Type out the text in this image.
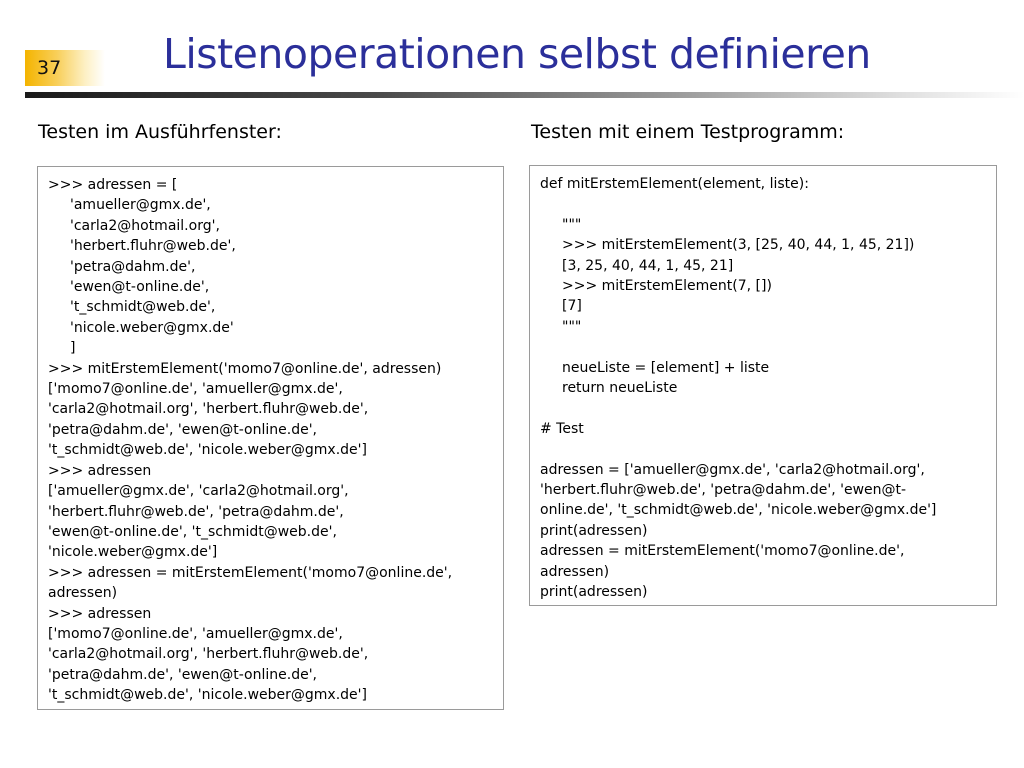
37	Listenoperationen selbst definieren
Testen im Ausführfenster:
>>> adressen = [
'amueller@gmx.de',
'carla2@hotmail.org',
'herbert.fluhr@web.de',
'petra@dahm.de',
'ewen@t-online.de',
't_schmidt@web.de',
'nicole.weber@gmx.de'
]
>>> mitErstemElement('momo7@online.de', adressen)
['momo7@online.de', 'amueller@gmx.de',
'carla2@hotmail.org', 'herbert.fluhr@web.de',
'petra@dahm.de', 'ewen@t-online.de',
't_schmidt@web.de', 'nicole.weber@gmx.de']
>>> adressen
['amueller@gmx.de', 'carla2@hotmail.org',
'herbert.fluhr@web.de', 'petra@dahm.de',
'ewen@t-online.de', 't_schmidt@web.de',
'nicole.weber@gmx.de']
>>> adressen = mitErstemElement('momo7@online.de',
adressen)
>>> adressen
['momo7@online.de', 'amueller@gmx.de',
'carla2@hotmail.org', 'herbert.fluhr@web.de',
'petra@dahm.de', 'ewen@t-online.de',
't_schmidt@web.de', 'nicole.weber@gmx.de']
Testen mit einem Testprogramm:
def mitErstemElement(element, liste):
"""
>>> mitErstemElement(3, [25, 40, 44, 1, 45, 21])
[3, 25, 40, 44, 1, 45, 21]
>>> mitErstemElement(7, [])
[7]
"""
neueListe = [element] + liste
return neueListe
# Test
adressen = ['amueller@gmx.de', 'carla2@hotmail.org',
'herbert.fluhr@web.de', 'petra@dahm.de', 'ewen@t-
online.de', 't_schmidt@web.de', 'nicole.weber@gmx.de']
print(adressen)
adressen = mitErstemElement('momo7@online.de',
adressen)
print(adressen)
